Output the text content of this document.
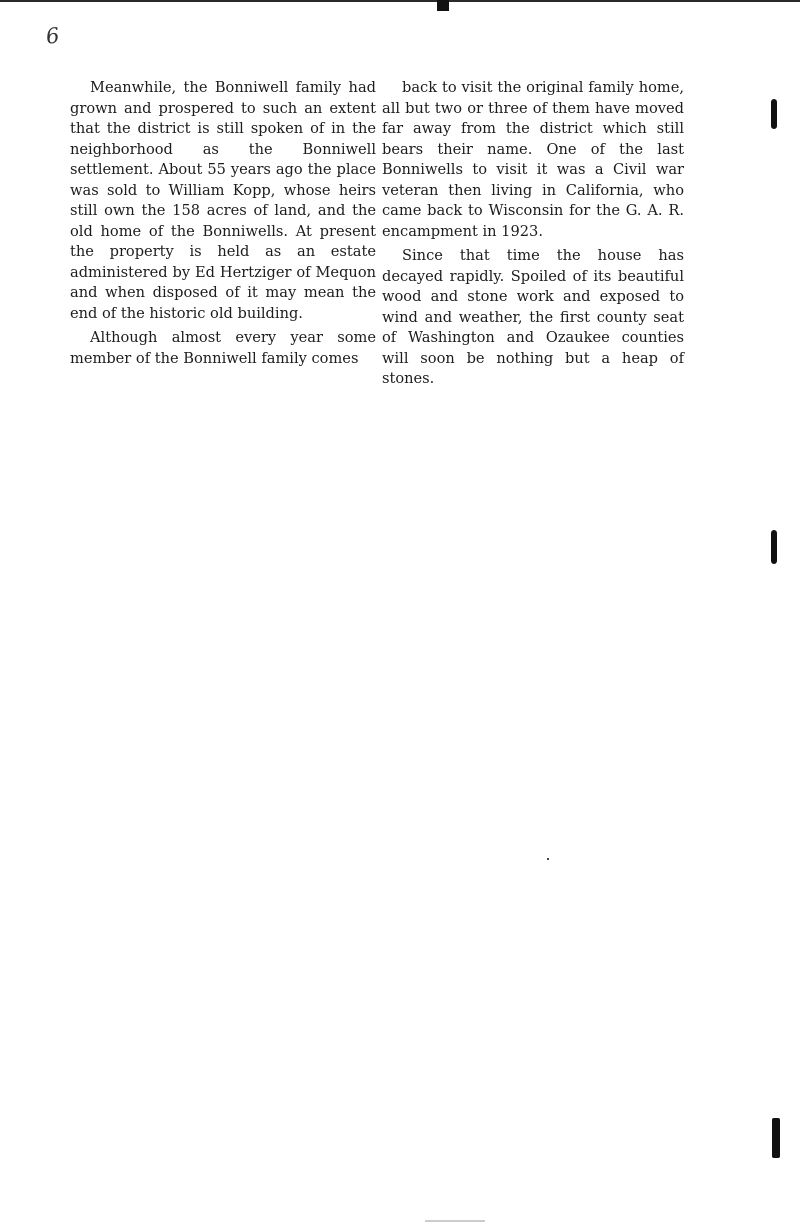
6

Meanwhile, the Bonniwell family had grown and prospered to such an extent that the district is still spoken of in the neighborhood as the Bonniwell settlement. About 55 years ago the place was sold to William Kopp, whose heirs still own the 158 acres of land, and the old home of the Bonniwells. At present the property is held as an estate administered by Ed Hertziger of Mequon and when disposed of it may mean the end of the historic old building.

Although almost every year some member of the Bonniwell family comes

back to visit the original family home, all but two or three of them have moved far away from the district which still bears their name. One of the last Bonniwells to visit it was a Civil war veteran then living in California, who came back to Wisconsin for the G. A. R. encampment in 1923.

Since that time the house has decayed rapidly. Spoiled of its beautiful wood and stone work and exposed to wind and weather, the first county seat of Washington and Ozaukee counties will soon be nothing but a heap of stones.
